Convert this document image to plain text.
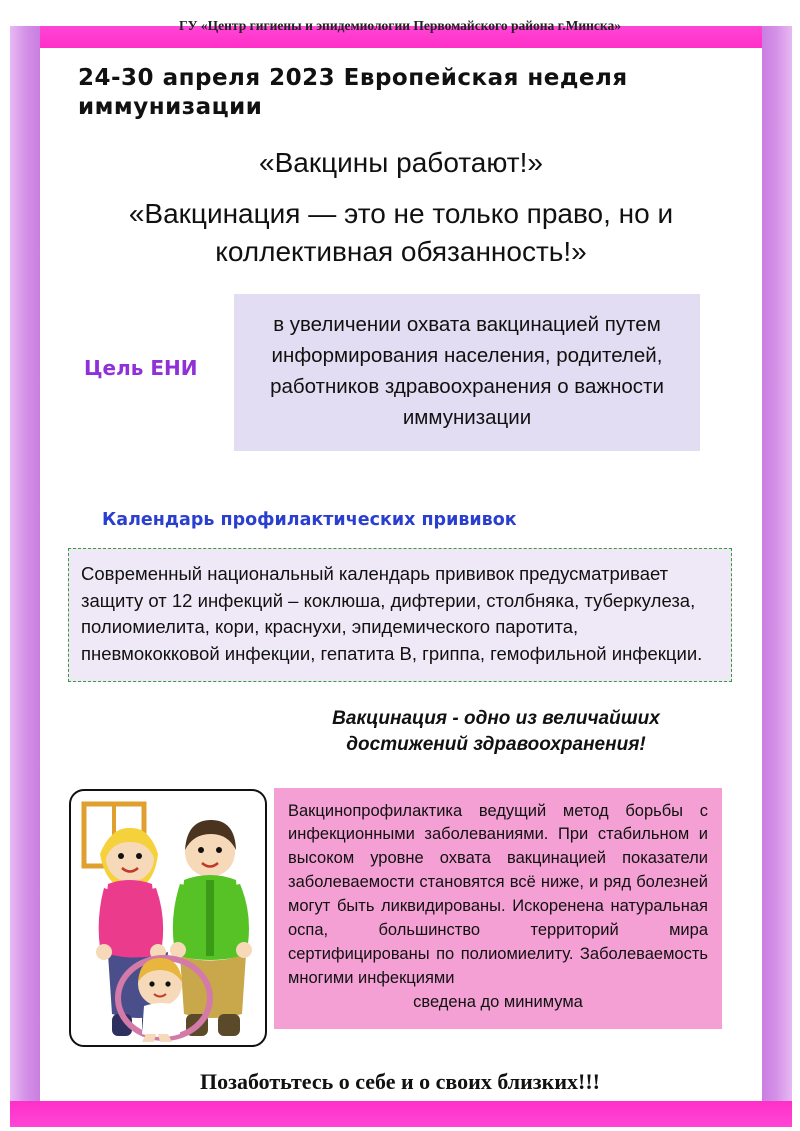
ГУ «Центр гигиены и эпидемиологии Первомайского района г.Минска»
24-30 апреля 2023 Европейская неделя иммунизации
«Вакцины работают!»
«Вакцинация — это не только право, но и коллективная обязанность!»
Цель ЕНИ
в увеличении охвата вакцинацией путем информирования населения, родителей, работников здравоохранения о важности иммунизации
Календарь профилактических прививок
Современный национальный календарь прививок предусматривает защиту от 12 инфекций – коклюша, дифтерии, столбняка, туберкулеза, полиомиелита, кори, краснухи, эпидемического паротита, пневмококковой инфекции, гепатита В, гриппа, гемофильной инфекции.
Вакцинация - одно из величайших достижений здравоохранения!
Вакцинопрофилактика ведущий метод борьбы с инфекционными заболеваниями. При стабильном и высоком уровне охвата вакцинацией показатели заболеваемости становятся всё ниже, и ряд болезней могут быть ликвидированы. Искоренена натуральная оспа, большинство территорий мира сертифицированы по полиомиелиту. Заболеваемость многими инфекциями
сведена до минимума
Позаботьтесь о себе и о своих близких!!!
